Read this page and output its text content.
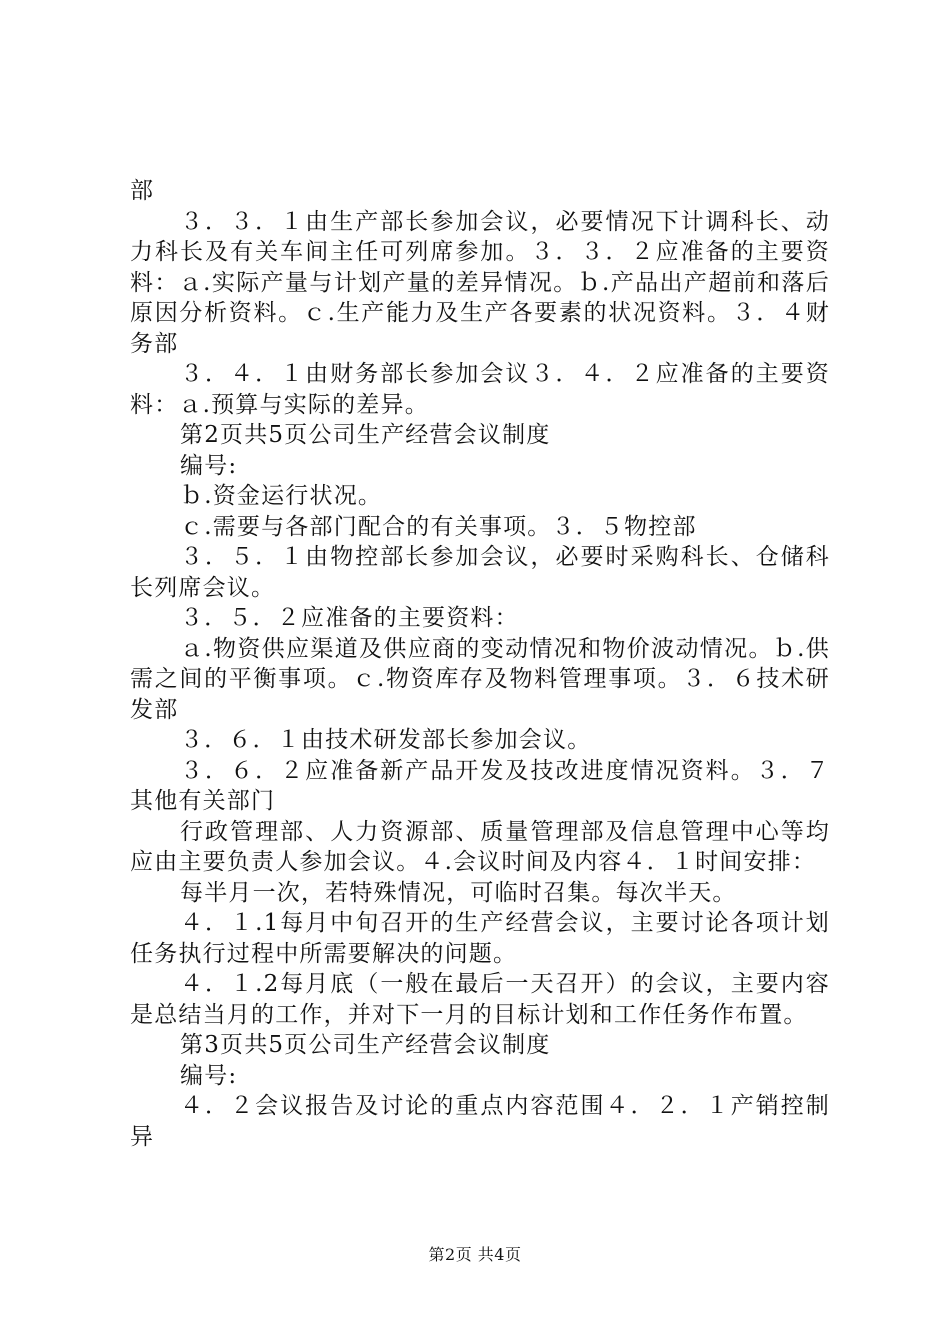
部

３．３．１由生产部长参加会议，必要情况下计调科长、动力科长及有关车间主任可列席参加。３．３．２应准备的主要资料：ａ.实际产量与计划产量的差异情况。ｂ.产品出产超前和落后原因分析资料。ｃ.生产能力及生产各要素的状况资料。３．４财务部

３．４．１由财务部长参加会议３．４．２应准备的主要资料：ａ.预算与实际的差异。

第2页共5页公司生产经营会议制度

编号:

ｂ.资金运行状况。

ｃ.需要与各部门配合的有关事项。３．５物控部

３．５．１由物控部长参加会议，必要时采购科长、仓储科长列席会议。

３．５．２应准备的主要资料：

ａ.物资供应渠道及供应商的变动情况和物价波动情况。ｂ.供需之间的平衡事项。ｃ.物资库存及物料管理事项。３．６技术研发部

３．６．１由技术研发部长参加会议。

３．６．２应准备新产品开发及技改进度情况资料。３．７其他有关部门

行政管理部、人力资源部、质量管理部及信息管理中心等均应由主要负责人参加会议。４.会议时间及内容４．１时间安排：

每半月一次，若特殊情况，可临时召集。每次半天。

４．１.1每月中旬召开的生产经营会议，主要讨论各项计划任务执行过程中所需要解决的问题。

４．１.2每月底（一般在最后一天召开）的会议，主要内容是总结当月的工作，并对下一月的目标计划和工作任务作布置。

第3页共5页公司生产经营会议制度

编号:

４．２会议报告及讨论的重点内容范围４．２．１产销控制异

第2页 共4页
